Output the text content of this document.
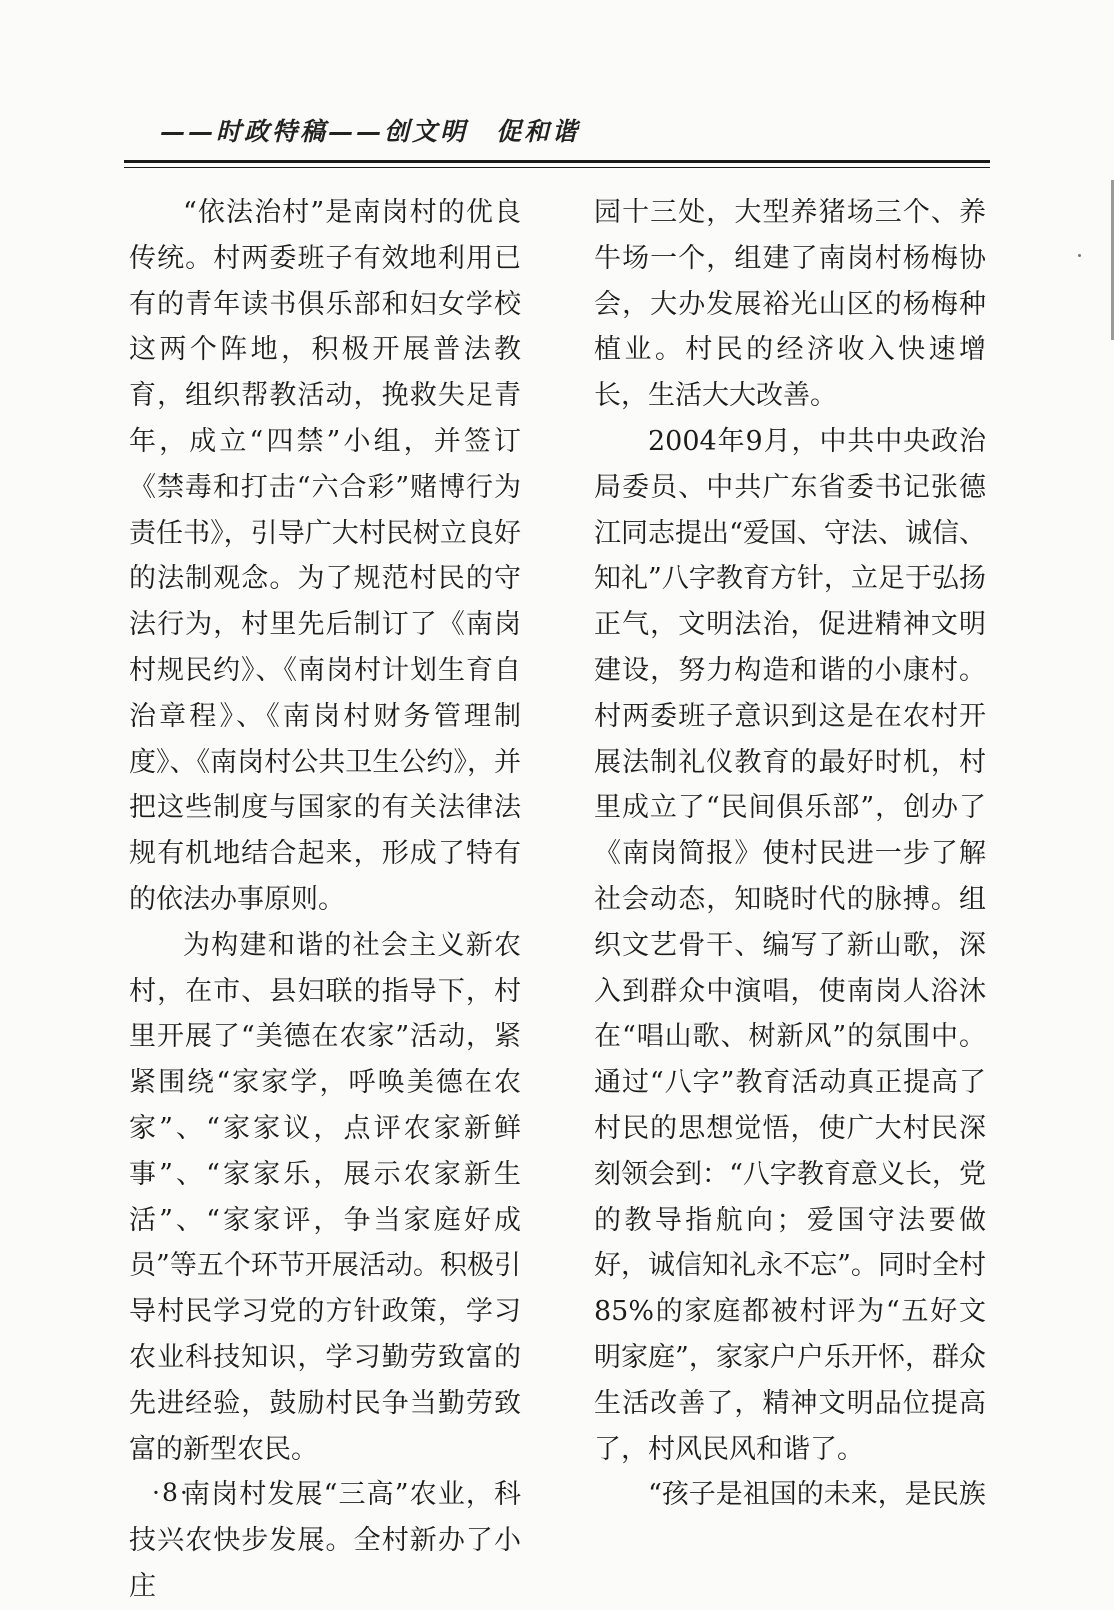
——时政特稿——创文明　促和谐

“依法治村”是南岗村的优良传统。村两委班子有效地利用已有的青年读书俱乐部和妇女学校这两个阵地，积极开展普法教育，组织帮教活动，挽救失足青年，成立“四禁”小组，并签订《禁毒和打击“六合彩”赌博行为责任书》，引导广大村民树立良好的法制观念。为了规范村民的守法行为，村里先后制订了《南岗村规民约》、《南岗村计划生育自治章程》、《南岗村财务管理制度》、《南岗村公共卫生公约》，并把这些制度与国家的有关法律法规有机地结合起来，形成了特有的依法办事原则。

为构建和谐的社会主义新农村，在市、县妇联的指导下，村里开展了“美德在农家”活动，紧紧围绕“家家学，呼唤美德在农家”、“家家议，点评农家新鲜事”、“家家乐，展示农家新生活”、“家家评，争当家庭好成员”等五个环节开展活动。积极引导村民学习党的方针政策，学习农业科技知识，学习勤劳致富的先进经验，鼓励村民争当勤劳致富的新型农民。

南岗村发展“三高”农业，科技兴农快步发展。全村新办了小庄

园十三处，大型养猪场三个、养牛场一个，组建了南岗村杨梅协会，大办发展裕光山区的杨梅种植业。村民的经济收入快速增长，生活大大改善。

2004年9月，中共中央政治局委员、中共广东省委书记张德江同志提出“爱国、守法、诚信、知礼”八字教育方针，立足于弘扬正气，文明法治，促进精神文明建设，努力构造和谐的小康村。村两委班子意识到这是在农村开展法制礼仪教育的最好时机，村里成立了“民间俱乐部”，创办了《南岗简报》使村民进一步了解社会动态，知晓时代的脉搏。组织文艺骨干、编写了新山歌，深入到群众中演唱，使南岗人浴沐在“唱山歌、树新风”的氛围中。通过“八字”教育活动真正提高了村民的思想觉悟，使广大村民深刻领会到：“八字教育意义长，党的教导指航向；爱国守法要做好，诚信知礼永不忘”。同时全村85%的家庭都被村评为“五好文明家庭”，家家户户乐开怀，群众生活改善了，精神文明品位提高了，村风民风和谐了。

“孩子是祖国的未来，是民族

·8·
